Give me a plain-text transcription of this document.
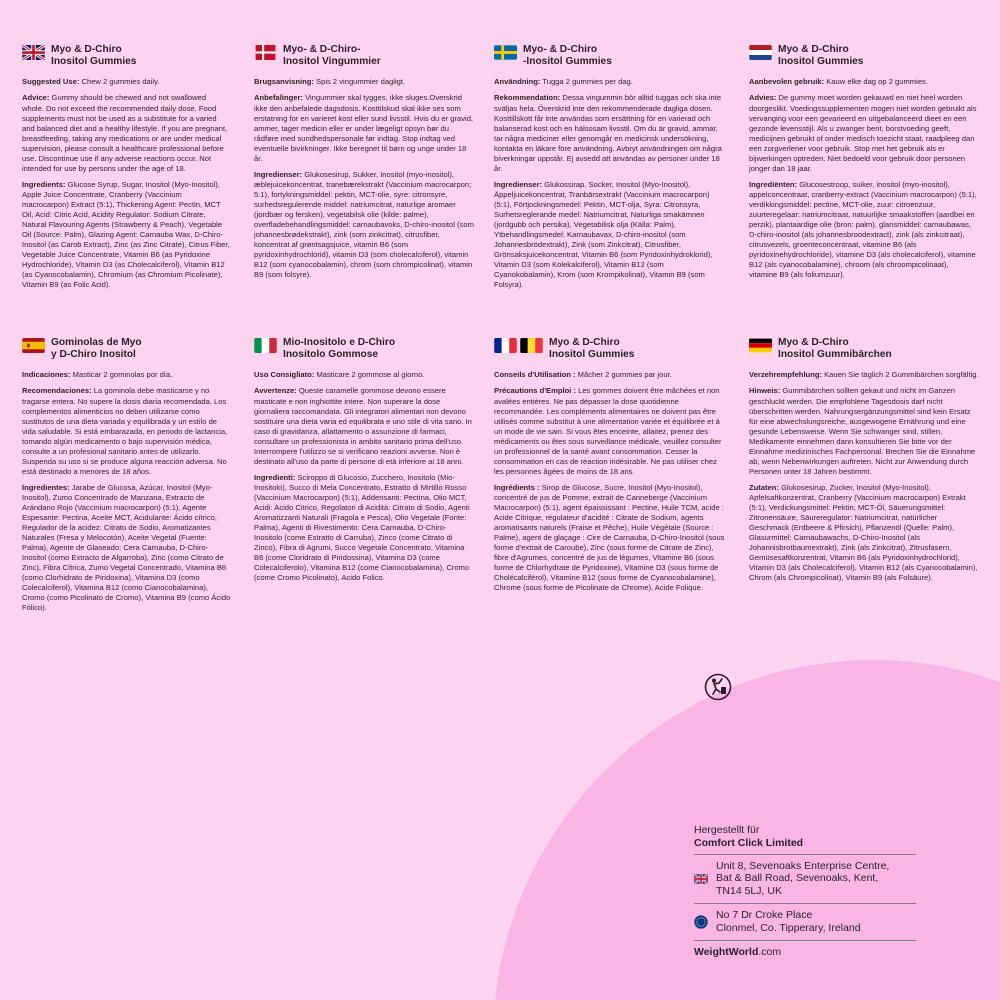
Myo & D-Chiro
Inositol Gummies

Suggested Use: Chew 2 gummies daily.

Advice: Gummy should be chewed and not swallowed whole. Do not exceed the recommended daily dose. Food supplements must not be used as a substitute for a varied and balanced diet and a healthy lifestyle. If you are pregnant, breastfeeding, taking any medications or are under medical supervision, please consult a healthcare professional before use. Discontinue use if any adverse reactions occur. Not intended for use by persons under the age of 18.

Ingredients: Glucose Syrup, Sugar, Inositol (Myo-Inositol), Apple Juice Concentrate, Cranberry (Vaccinium macrocarpon) Extract (5:1), Thickening Agent: Pectin, MCT Oil, Acid: Citric Acid, Acidity Regulator: Sodium Citrate, Natural Flavouring Agents (Strawberry & Peach), Vegetable Oil (Source: Palm), Glazing Agent: Carnauba Wax, D-Chiro-Inositol (as Carob Extract), Zinc (as Zinc Citrate), Citrus Fiber, Vegetable Juice Concentrate, Vitamin B6 (as Pyridoxine Hydrochloride), Vitamin D3 (as Cholecalciferol), Vitamin B12 (as Cyanocobalamin), Chromium (as Chromium Picolinate), Vitamin B9 (as Folic Acid).

Myo- & D-Chiro-
Inositol Vingummier

Brugsanvisning: Spis 2 vingummier dagligt.

Anbefalinger: Vingummier skal tygges, ikke sluges.Overskrid ikke den anbefalede dagsdosis. Kosttilskud skal ikke ses som erstatning for en varieret kost eller sund livsstil. Hvis du er gravid, ammer, tager medicin eller er under lægeligt opsyn bør du rådføre med sundhedspersonale før indtag. Stop indtag ved eventuelle bivirkninger. Ikke beregnet til børn og unge under 18 år.

Ingredienser: Glukosesirup, Sukker, Inositol (myo-inositol), æblejuicekoncentrat, tranebærekstrakt (Vaccinium macrocarpon; 5:1), fortykningsmiddel: pektin, MCT-olie, syre: citronsyre, surhedsregulerende middel: natriumcitrat, naturlige aromaer (jordbær og fersken), vegetabilsk olie (kilde: palme), overfladebehandlingsmiddel: carnaubavoks, D-chiro-inositol (som johannesbrødekstrakt), zink (som zinkcitrat), citrusfiber, koncentrat af grøntsagsjuice, vitamin B6 (som pyridoxinhydrochlorid), vitamin D3 (som cholecalciferol), vitamin B12 (som cyanocobalamin), chrom (som chrompicolinat), vitamin B9 (som folsyre).

Myo- & D-Chiro
-Inositol Gummies

Användning: Tugga 2 gummies per dag.

Rekommendation: Dessa vingummin bör alltid tuggas och ska inte sväljas hela. Överskrid inte den rekommenderade dagliga dosen. Kosttillskott får inte användas som ersättning för en varierad och balanserad kost och en hälsosam livsstil. Om du är gravid, ammar, tar några mediciner eller genomgår en medicinsk undersökning, kontakta en läkare före användning. Avbryt användningen om några biverkningar uppstår. Ej avsedd att användas av personer under 18 år.

Ingredienser: Glukossirap, Socker, Inositol (Myo-Inositol), Äppeljuicekoncentrat, Tranbärsextrakt (Vaccinium macrocarpon) (5:1), Förtjockningsmedel: Pektin, MCT-olja, Syra: Citronsyra, Surhetsreglerande medel: Natriumcitrat, Naturliga smakämnen (jordgubb och persika), Vegetabilisk olja (Källa: Palm), Ytbehandlingsmedel: Karnaubavax, D-chiro-inositol (som Johannesbrödextrakt), Zink (som Zinkcitrat), Citrusfiber, Grönsaksjuicekoncentrat, Vitamin B6 (som Pyridoxinhydroklorid), Vitamin D3 (som Kolekalciferol), Vitamin B12 (som Cyanokobalamin), Krom (som Krompikolinat), Vitamin B9 (som Folsyra).

Myo & D-Chiro
Inositol Gummies

Aanbevolen gebruik: Kauw elke dag op 2 gummies.

Advies: De gummy moet worden gekauwd en niet heel worden doorgeslikt. Voedingssupplementen mogen niet worden gebruikt als vervanging voor een gevarieerd en uitgebalanceerd dieet en een gezonde levensstijl. Als u zwanger bent, borstvoeding geeft, medicijnen gebruikt of onder medisch toezicht staat, raadpleeg dan een zorgverlener voor gebruik. Stop met het gebruik als er bijwerkingen optreden. Niet bedoeld voor gebruik door personen jonger dan 18 jaar.

Ingrediënten: Glucosestroop, suiker, inositol (myo-inositol), appelconcentraat, cranberry-extract (Vaccinium macrocarpon) (5:1), verdikkingsmiddel: pectine, MCT-olie, zuur: citroenzuur, zuurteregelaar: natriumcitraat, natuurlijke smaakstoffen (aardbei en perzik), plantaardige olie (bron: palm), glansmiddel: carnaubawas, D-chiro-inositol (als johannesbroodextract), zink (als zinkcitraat), citrusvezels, groenteconcentraat, vitamine B6 (als pyridoxinehydrochloride), vitamine D3 (als cholecalciferol), vitamine B12 (als cyanocobalamine), chroom (als chroompicolinaat), vitamine B9 (als foliumzuur).

Gominolas de Myo
y D-Chiro Inositol

Indicaciones: Masticar 2 gominolas por día.

Recomendaciones: La gominola debe masticarse y no tragarse entera. No supere la dosis diaria recomendada. Los complementos alimenticios no deben utilizarse como sustitutos de una dieta variada y equilibrada y un estilo de vida saludable. Si está embarazada, en periodo de lactancia, tomando algún medicamento o bajo supervisión médica, consulte a un profesional sanitario antes de utilizarlo. Suspenda su uso si se produce alguna reacción adversa. No está destinado a menores de 18 años.

Ingredientes: Jarabe de Glucosa, Azúcar, Inositol (Myo-Inositol), Zumo Concentrado de Manzana, Extracto de Arándano Rojo (Vaccinium macrocarpon) (5:1), Agente Espesante: Pectina, Aceite MCT, Acidulante: Ácido cítrico, Regulador de la acidez: Citrato de Sodio, Aromatizantes Naturales (Fresa y Melocotón), Aceite Vegetal (Fuente: Palma), Agente de Glaseado: Cera Carnauba, D-Chiro-Inositol (como Extracto de Algarroba), Zinc (como Citrato de Zinc), Fibra Cítrica, Zumo Vegetal Concentrado, Vitamina B6 (como Clorhidrato de Piridoxina), Vitamina D3 (como Colecalciferol), Vitamina B12 (como Cianocobalamina), Cromo (como Picolinato de Cromo), Vitamina B9 (como Ácido Fólico).

Mio-Inositolo e D-Chiro
Inositolo Gommose

Uso Consigliato: Masticare 2 gommose al giorno.

Avvertenze: Queste caramelle gommose devono essere masticate e non inghiottite intere. Non superare la dose giornaliera raccomandata. Gli integratori alimentari non devono sostituire una dieta varia ed equilibrata e uno stile di vita sano. In caso di gravidanza, allattamento o assunzione di farmaci, consultare un professionista in ambito sanitario prima dell'uso. Interrompere l'utilizzo se si verificano reazioni avverse. Non è destinato all'uso da parte di persone di età inferiore ai 18 anni.

Ingredienti: Sciroppo di Glucosio, Zucchero, Inositolo (Mio-Inositolo), Succo di Mela Concentrato, Estratto di Mirtillo Rosso (Vaccinium Macrocarpon) (5:1), Addensanti: Pectina, Olio MCT, Acidi: Acido Citrico, Regolatori di Acidità: Citrato di Sodio, Agenti Aromatizzanti Naturali (Fragola e Pesca), Olio Vegetale (Fonte: Palma), Agenti di Rivestimento: Cera Carnauba, D-Chiro-Inositolo (come Estratto di Carruba), Zinco (come Citrato di Zinco), Fibra di Agrumi, Succo Vegetale Concentrato, Vitamina B6 (come Cloridrato di Piridossina), Vitamina D3 (come Colecalciferolo), Vitamina B12 (come Cianocobalamina), Cromo (come Cromo Picolinato), Acido Folico.

Myo & D-Chiro
Inositol Gummies

Conseils d'Utilisation : Mâcher 2 gummies par jour.

Précautions d'Emploi : Les gommes doivent être mâchées et non avalées entières. Ne pas dépasser la dose quotidienne recommandée. Les compléments alimentaires ne doivent pas être utilisés comme substitut à une alimentation variée et équilibrée et à un mode de vie sain. Si vous êtes enceinte, allaitez, prenez des médicaments ou êtes sous surveillance médicale, veuillez consulter un professionnel de la santé avant consommation. Cesser la consommation en cas de réaction indésirable. Ne pas utiliser chez les personnes âgées de moins de 18 ans.

Ingrédients : Sirop de Glucose, Sucre, Inositol (Myo-Inositol), concentré de jus de Pomme, extrait de Canneberge (Vaccinium Macrocarpon) (5:1), agent épaississant : Pectine, Huile TCM, acide : Acide Citrique, régulateur d'acidité : Citrate de Sodium, agents aromatisants naturels (Fraise et Pêche), Huile Végétale (Source : Palme), agent de glaçage : Cire de Carnauba, D-Chiro-Inositol (sous forme d'extrait de Caroube), Zinc (sous forme de Citrate de Zinc), fibre d'Agrumes, concentré de jus de légumes, Vitamine B6 (sous forme de Chlorhydrate de Pyridoxine), Vitamine D3 (sous forme de Cholécalciférol), Vitamine B12 (sous forme de Cyanocobalamine), Chrome (sous forme de Picolinate de Chrome), Acide Folique.

Myo & D-Chiro
Inositol Gummibärchen

Verzehrempfehlung: Kauen Sie täglich 2 Gummibärchen sorgfältig.

Hinweis: Gummibärchen sollten gekaut und nicht im Ganzen geschluckt werden. Die empfohlene Tagesdosis darf nicht überschritten werden. Nahrungsergänzungsmittel sind kein Ersatz für eine abwechslungsreiche, ausgewogene Ernährung und eine gesunde Lebensweise. Wenn Sie schwanger sind, stillen, Medikamente einnehmen dann konsultieren Sie bitte vor der Einnahme medizinisches Fachpersonal. Brechen Sie die Einnahme ab, wenn Nebenwirkungen auftreten. Nicht zur Anwendung durch Personen unter 18 Jahren bestimmt.

Zutaten: Glukosesirup, Zucker, Inositol (Myo-Inositol), Apfelsaftkonzentrat, Cranberry (Vaccinium macrocarpon) Extrakt (5:1), Verdickungsmittel: Pektin, MCT-Öl, Säuerungsmittel: Zitronensäure, Säureregulator: Natriumcitrat, natürlicher Geschmack (Erdbeere & Pfirsich), Pflanzenöl (Quelle: Palm), Glasurmittel: Carnaubawachs, D-Chiro-Inositol (als Johannisbrotbaumextrakt), Zink (als Zinkcitrat), Zitrusfasern, Gemüsesaftkonzentrat, Vitamin B6 (als Pyridoxinhydrochlorid), Vitamin D3 (als Cholecalciferol), Vitamin B12 (als Cyanocobalamin), Chrom (als Chrompicolinat), Vitamin B9 (als Folsäure).

Hergestellt für
Comfort Click Limited
Unit 8, Sevenoaks Enterprise Centre,
Bat & Ball Road, Sevenoaks, Kent,
TN14 5LJ, UK
No 7 Dr Croke Place
Clonmel, Co. Tipperary, Ireland
WeightWorld.com
